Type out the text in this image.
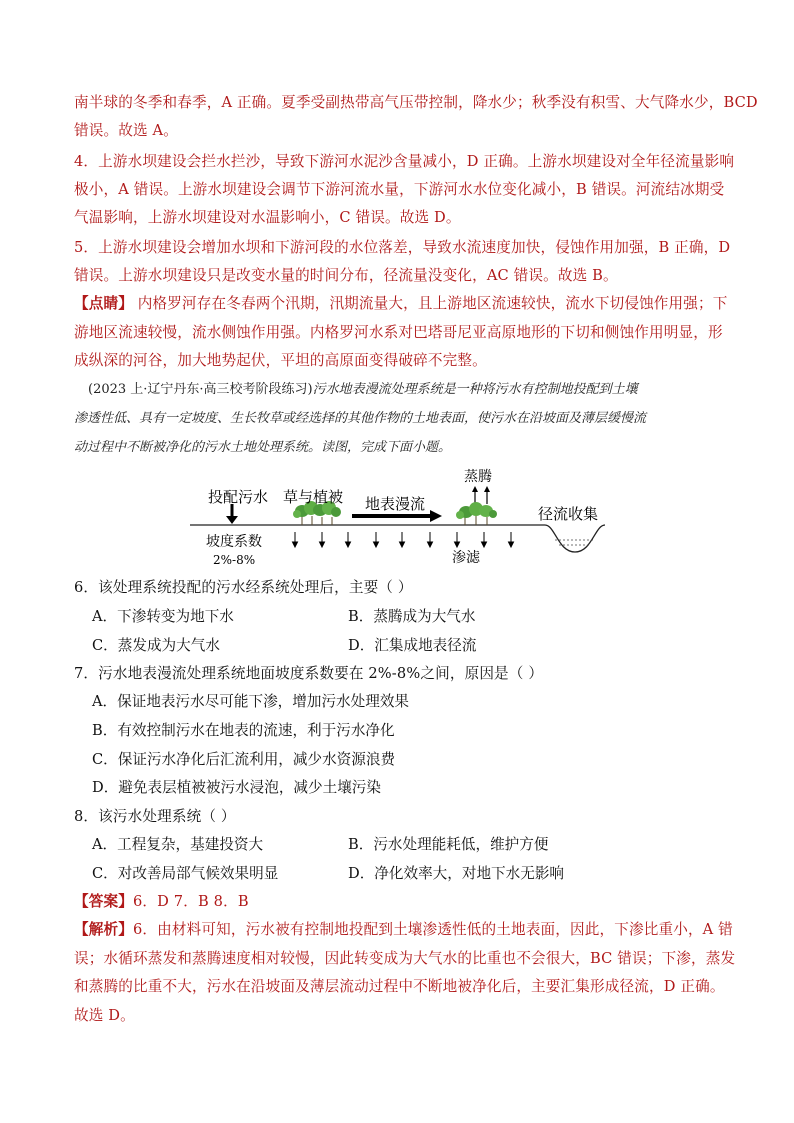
南半球的冬季和春季，A 正确。夏季受副热带高气压带控制，降水少；秋季没有积雪、大气降水少，BCD
错误。故选 A。
4．上游水坝建设会拦水拦沙，导致下游河水泥沙含量减小，D 正确。上游水坝建设对全年径流量影响
极小，A 错误。上游水坝建设会调节下游河流水量，下游河水水位变化减小，B 错误。河流结冰期受
气温影响，上游水坝建设对水温影响小，C 错误。故选 D。
5．上游水坝建设会增加水坝和下游河段的水位落差，导致水流速度加快，侵蚀作用加强，B 正确，D
错误。上游水坝建设只是改变水量的时间分布，径流量没变化，AC 错误。故选 B。
【点睛】 内格罗河存在冬春两个汛期，汛期流量大，且上游地区流速较快，流水下切侵蚀作用强；下
游地区流速较慢，流水侧蚀作用强。内格罗河水系对巴塔哥尼亚高原地形的下切和侧蚀作用明显，形
成纵深的河谷，加大地势起伏，平坦的高原面变得破碎不完整。
(2023 上·辽宁丹东·高三校考阶段练习)污水地表漫流处理系统是一种将污水有控制地投配到土壤
渗透性低、具有一定坡度、生长牧草或经选择的其他作物的土地表面，使污水在沿坡面及薄层缓慢流
动过程中不断被净化的污水土地处理系统。读图，完成下面小题。
投配污水 草与植被 地表漫流
蒸腾
径流收集
坡度系数
2%-8%	渗滤
6．该处理系统投配的污水经系统处理后，主要（ ）
A．下渗转变为地下水	B．蒸腾成为大气水
C．蒸发成为大气水	D．汇集成地表径流
7．污水地表漫流处理系统地面坡度系数要在 2%-8%之间，原因是（ ）
A．保证地表污水尽可能下渗，增加污水处理效果
B．有效控制污水在地表的流速，利于污水净化
C．保证污水净化后汇流利用，减少水资源浪费
D．避免表层植被被污水浸泡，减少土壤污染
8．该污水处理系统（ ）
A．工程复杂，基建投资大	B．污水处理能耗低，维护方便
C．对改善局部气候效果明显	D．净化效率大，对地下水无影响
【答案】6．D 7．B 8．B
【解析】6．由材料可知，污水被有控制地投配到土壤渗透性低的土地表面，因此，下渗比重小，A 错
误；水循环蒸发和蒸腾速度相对较慢，因此转变成为大气水的比重也不会很大，BC 错误；下渗，蒸发
和蒸腾的比重不大，污水在沿坡面及薄层流动过程中不断地被净化后，主要汇集形成径流，D 正确。
故选 D。
